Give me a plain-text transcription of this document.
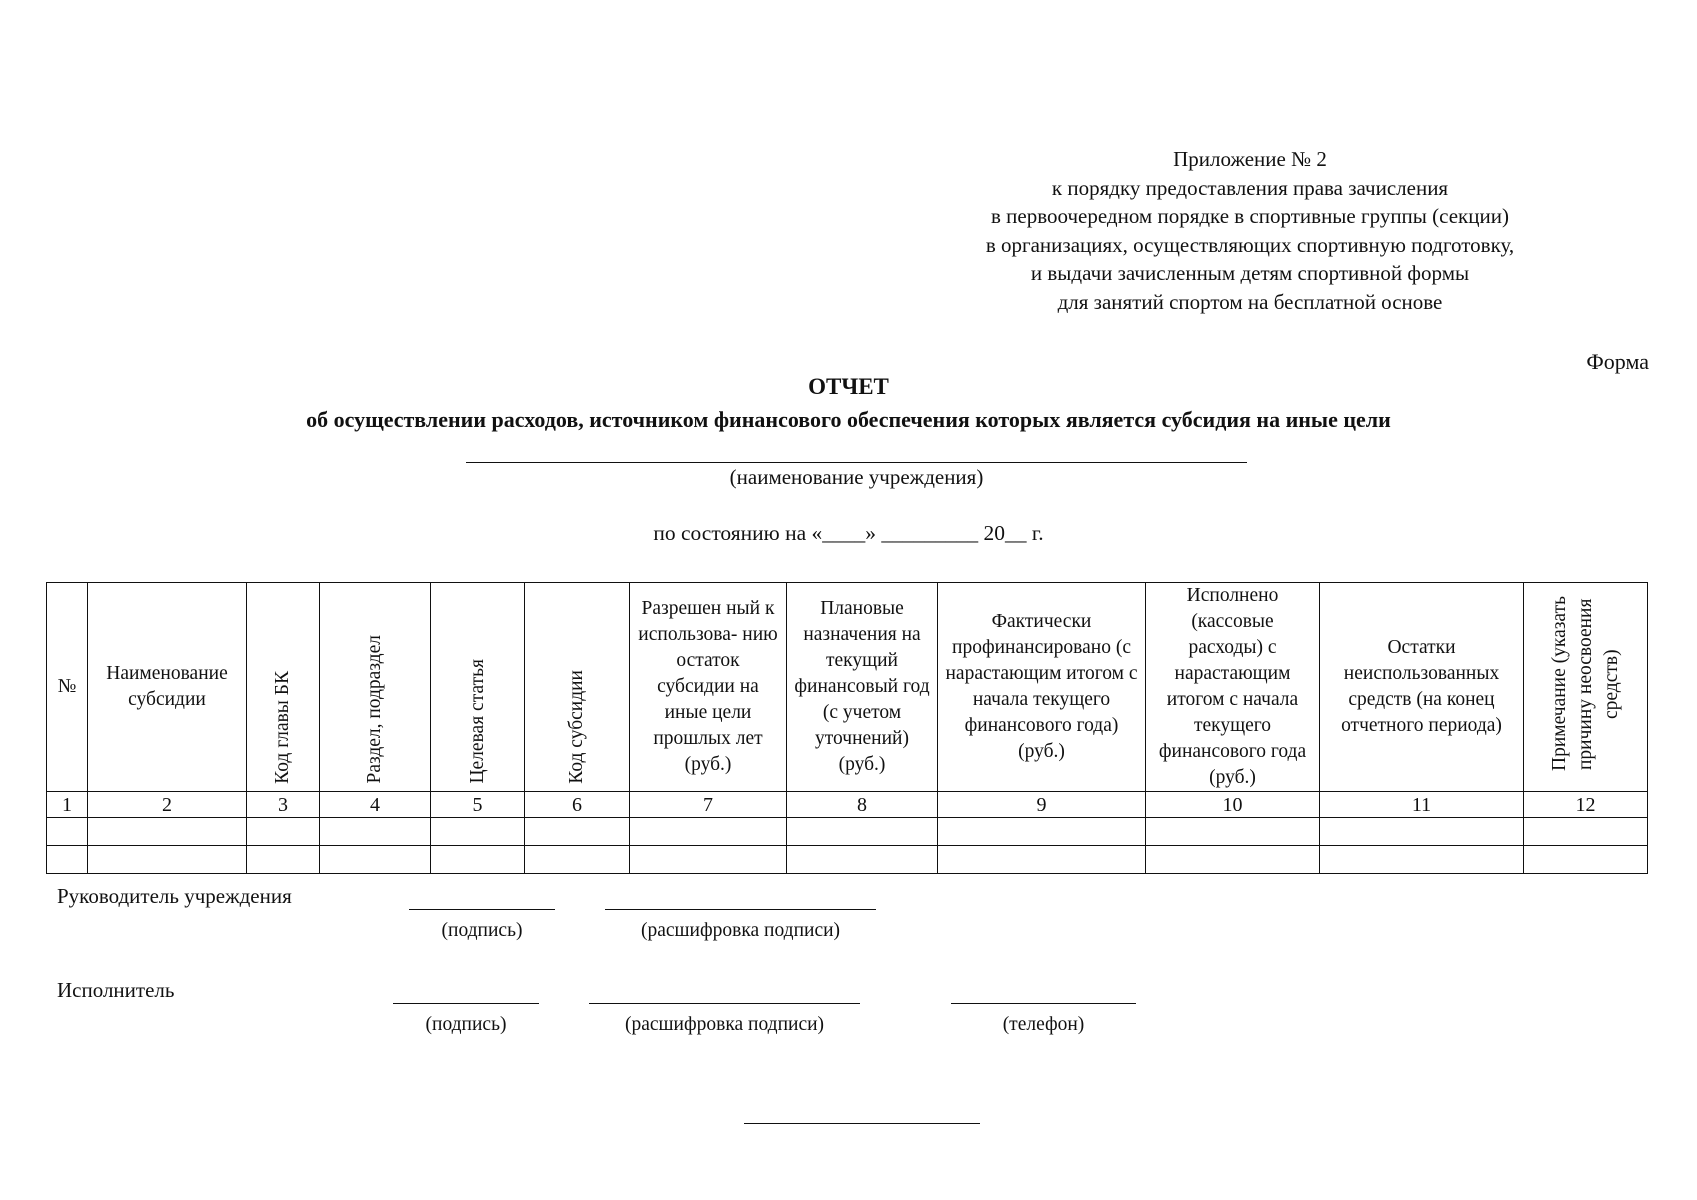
Приложение № 2
к порядку предоставления права зачисления
в первоочередном порядке в спортивные группы (секции)
в организациях, осуществляющих спортивную подготовку,
и выдачи зачисленным детям спортивной формы
для занятий спортом на бесплатной основе
Форма
ОТЧЕТ
об осуществлении расходов, источником финансового обеспечения которых является субсидия на иные цели
(наименование учреждения)
по состоянию на «____» _________ 20__ г.
№	Наименование субсидии	Код главы БК	Раздел, подраздел	Целевая статья	Код субсидии	Разрешен ный к использова- нию остаток субсидии на иные цели прошлых лет (руб.)	Плановые назначения на текущий финансовый год (с учетом уточнений) (руб.)	Фактически профинансировано (с нарастающим итогом с начала текущего финансового года) (руб.)	Исполнено (кассовые расходы) с нарастающим итогом с начала текущего финансового года (руб.)	Остатки неиспользованных средств (на конец отчетного периода)	Примечание (указать причину неосвоения средств)

1	2	3	4	5	6	7	8	9	10	11	12

Руководитель учреждения
(подпись)	(расшифровка подписи)
Исполнитель
(подпись)	(расшифровка подписи)	(телефон)
